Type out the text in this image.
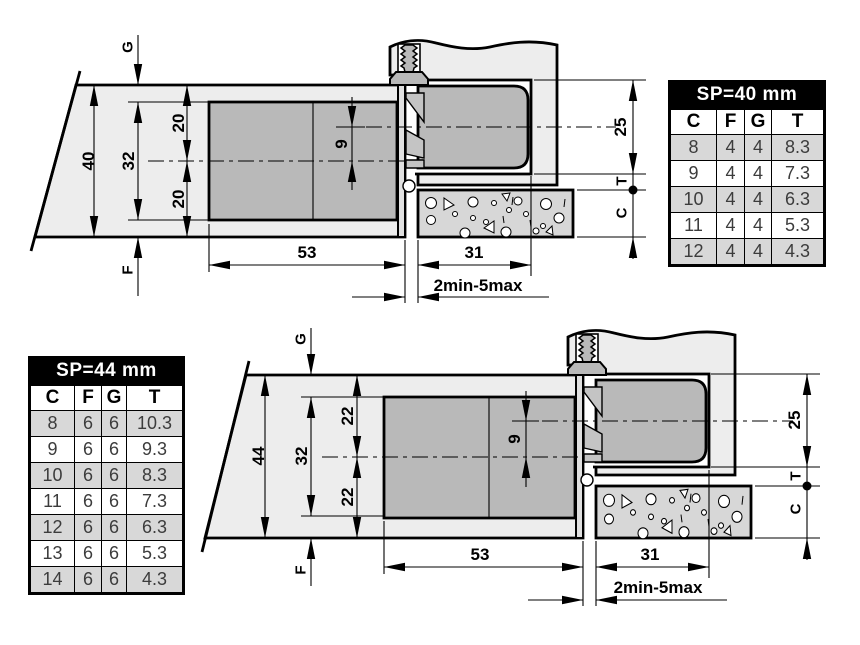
40 32
20
20
G
F
9
53	31
2min-5max
25
T
C
44 32
22
22
G
F
9
53	31
2min-5max
25
T
C
SP=40 mm
C	F	G	T
8	4	4	8.3
9	4	4	7.3
10	4	4	6.3
11	4	4	5.3
12	4	4	4.3
SP=44 mm
C	F	G	T
8	6	6	10.3
9	6	6	9.3
10	6	6	8.3
11	6	6	7.3
12	6	6	6.3
13	6	6	5.3
14	6	6	4.3
